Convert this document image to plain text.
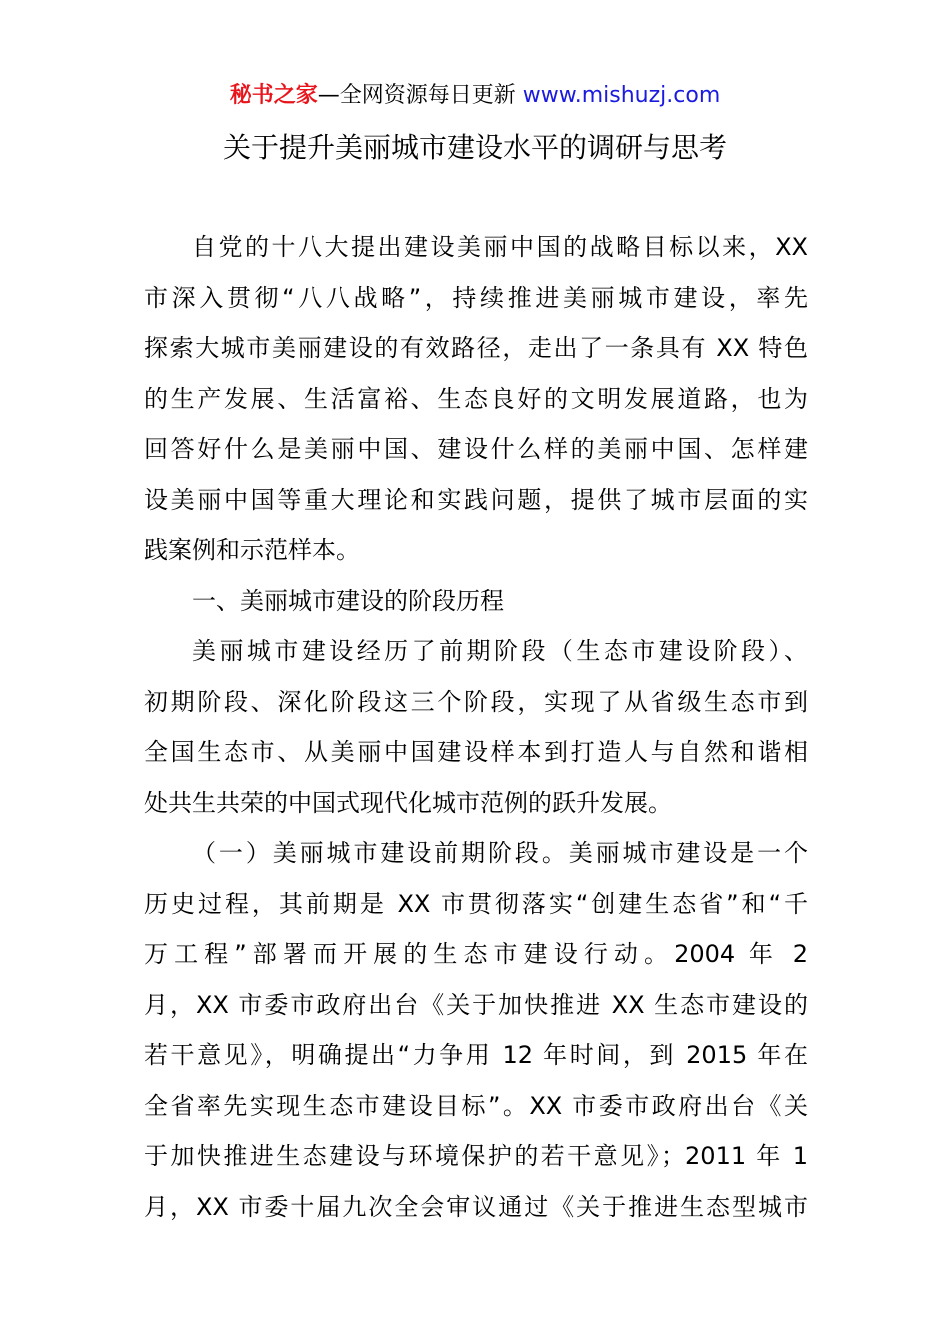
秘书之家—全网资源每日更新 www.mishuzj.com
关于提升美丽城市建设水平的调研与思考
自党的十八大提出建设美丽中国的战略目标以来，XX
市深入贯彻“八八战略”，持续推进美丽城市建设，率先
探索大城市美丽建设的有效路径，走出了一条具有 XX 特色
的生产发展、生活富裕、生态良好的文明发展道路，也为
回答好什么是美丽中国、建设什么样的美丽中国、怎样建
设美丽中国等重大理论和实践问题，提供了城市层面的实
践案例和示范样本。
一、美丽城市建设的阶段历程
美丽城市建设经历了前期阶段（生态市建设阶段）、
初期阶段、深化阶段这三个阶段，实现了从省级生态市到
全国生态市、从美丽中国建设样本到打造人与自然和谐相
处共生共荣的中国式现代化城市范例的跃升发展。
（一）美丽城市建设前期阶段。美丽城市建设是一个
历史过程，其前期是 XX 市贯彻落实“创建生态省”和“千
万工程”部署而开展的生态市建设行动。2004 年 2
月，XX 市委市政府出台《关于加快推进 XX 生态市建设的
若干意见》，明确提出“力争用 12 年时间，到 2015 年在
全省率先实现生态市建设目标”。XX 市委市政府出台《关
于加快推进生态建设与环境保护的若干意见》；2011 年 1
月，XX 市委十届九次全会审议通过《关于推进生态型城市
